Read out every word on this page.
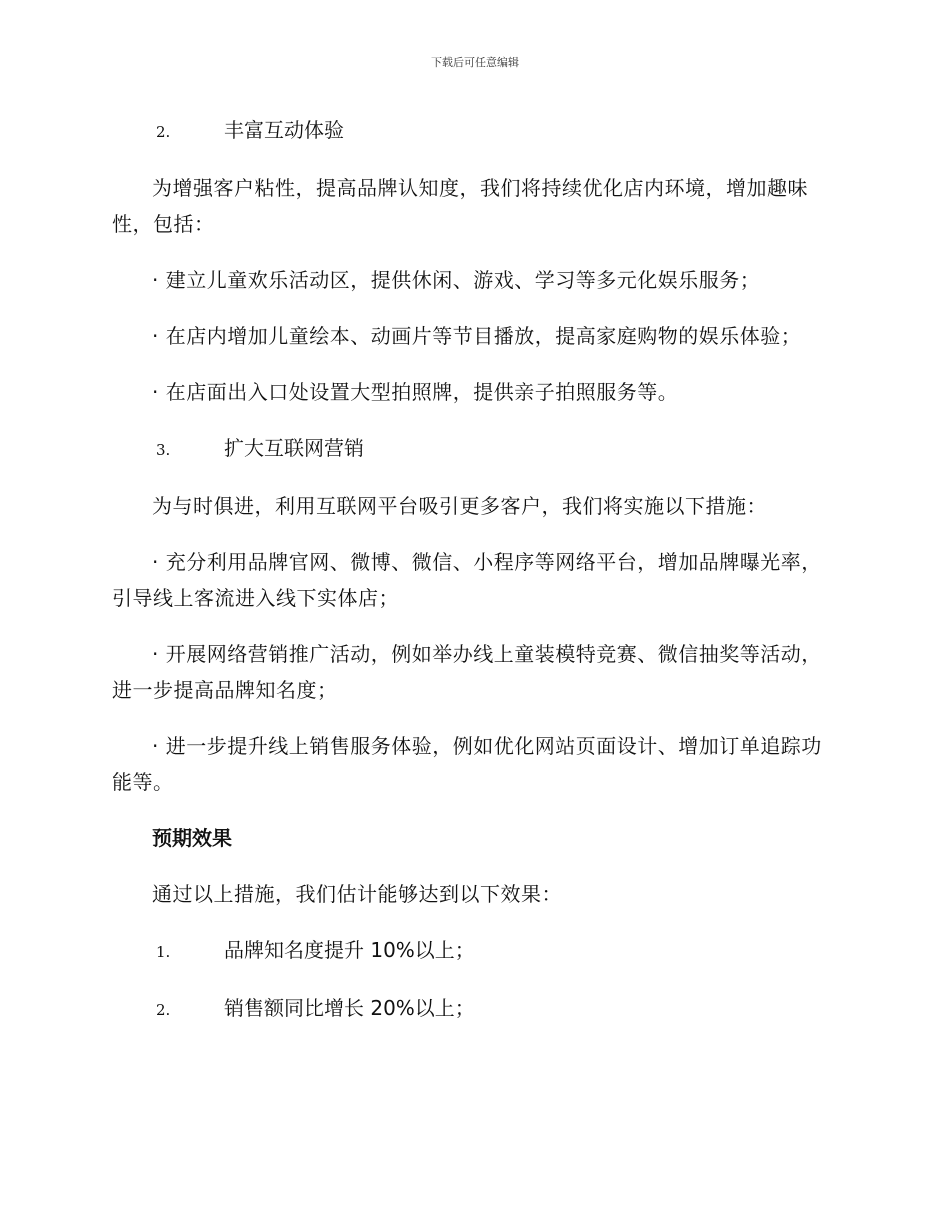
下载后可任意编辑
2.	丰富互动体验

为增强客户粘性，提高品牌认知度，我们将持续优化店内环境，增加趣味性，包括：

· 建立儿童欢乐活动区，提供休闲、游戏、学习等多元化娱乐服务；

· 在店内增加儿童绘本、动画片等节目播放，提高家庭购物的娱乐体验；

· 在店面出入口处设置大型拍照牌，提供亲子拍照服务等。

3.	扩大互联网营销

为与时俱进，利用互联网平台吸引更多客户，我们将实施以下措施：

· 充分利用品牌官网、微博、微信、小程序等网络平台，增加品牌曝光率，引导线上客流进入线下实体店；

· 开展网络营销推广活动，例如举办线上童装模特竞赛、微信抽奖等活动，进一步提高品牌知名度；

· 进一步提升线上销售服务体验，例如优化网站页面设计、增加订单追踪功能等。

预期效果

通过以上措施，我们估计能够达到以下效果：

1.	品牌知名度提升 10%以上；
2.	销售额同比增长 20%以上；
